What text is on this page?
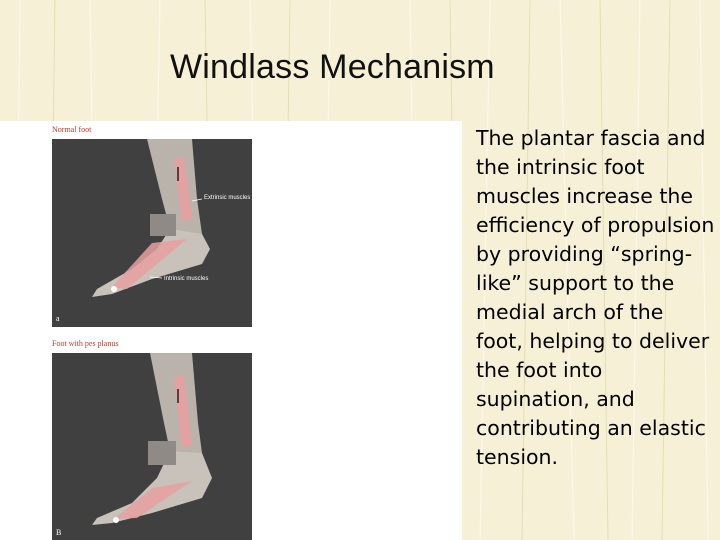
Windlass Mechanism
Normal foot
Extrinsic muscles
Intrinsic muscles
a
Foot with pes planus
B
The plantar fascia and the intrinsic foot muscles increase the efficiency of propulsion by providing “spring-like” support to the medial arch of the foot, helping to deliver the foot into supination, and contributing an elastic tension.
